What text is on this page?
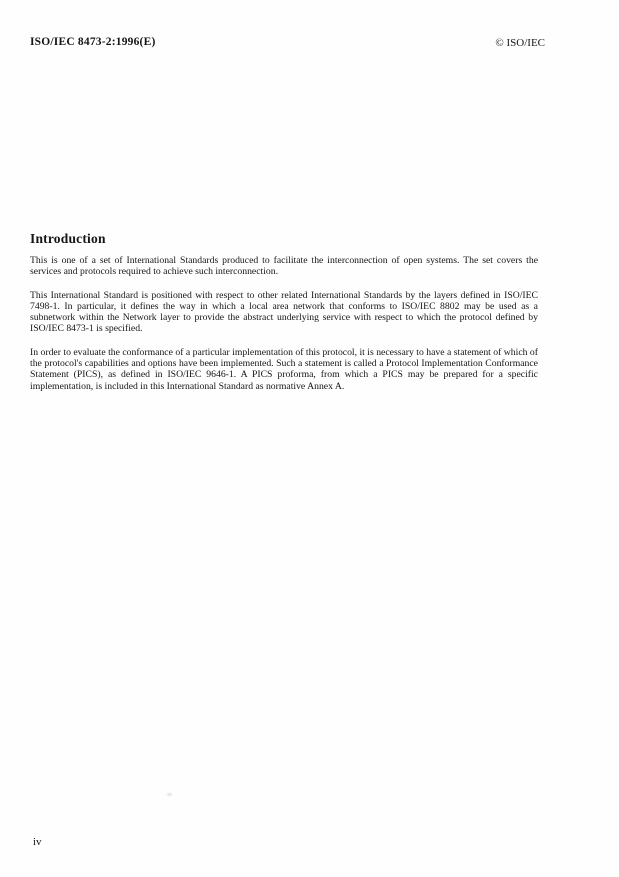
ISO/IEC 8473-2:1996(E)	© ISO/IEC
Introduction

This is one of a set of International Standards produced to facilitate the interconnection of open systems. The set covers the services and protocols required to achieve such interconnection.

This International Standard is positioned with respect to other related International Standards by the layers defined in ISO/IEC 7498-1. In particular, it defines the way in which a local area network that conforms to ISO/IEC 8802 may be used as a subnetwork within the Network layer to provide the abstract underlying service with respect to which the protocol defined by ISO/IEC 8473-1 is specified.

In order to evaluate the conformance of a particular implementation of this protocol, it is necessary to have a statement of which of the protocol's capabilities and options have been implemented. Such a statement is called a Protocol Implementation Conformance Statement (PICS), as defined in ISO/IEC 9646-1. A PICS proforma, from which a PICS may be prepared for a specific implementation, is included in this International Standard as normative Annex A.

iv
